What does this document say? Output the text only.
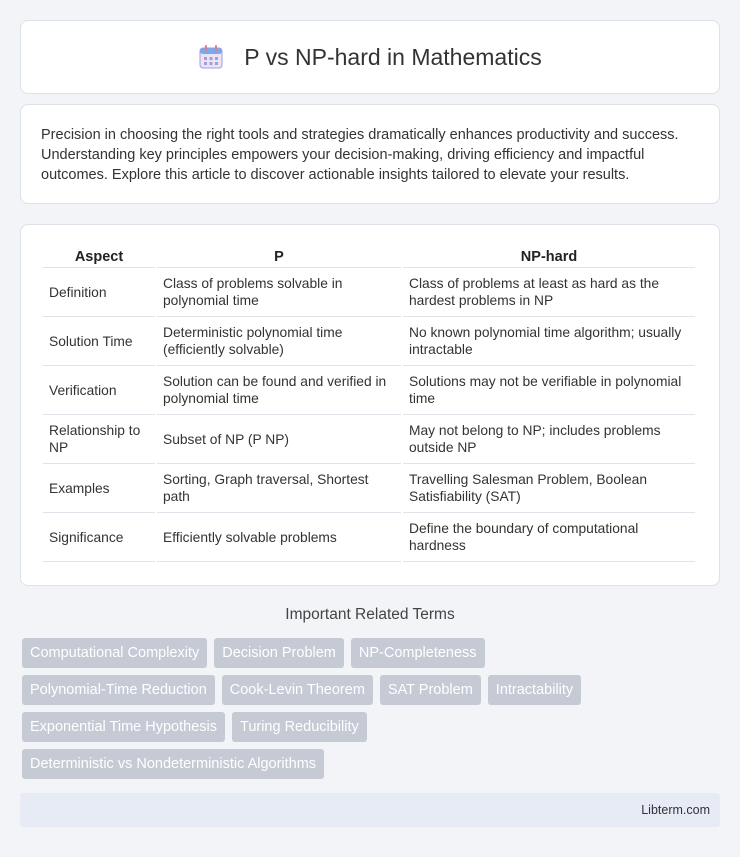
P vs NP-hard in Mathematics

Precision in choosing the right tools and strategies dramatically enhances productivity and success. Understanding key principles empowers your decision-making, driving efficiency and impactful outcomes. Explore this article to discover actionable insights tailored to elevate your results.

Aspect	P	NP-hard
Definition	Class of problems solvable in polynomial time	Class of problems at least as hard as the hardest problems in NP
Solution Time	Deterministic polynomial time (efficiently solvable)	No known polynomial time algorithm; usually intractable
Verification	Solution can be found and verified in polynomial time	Solutions may not be verifiable in polynomial time
Relationship to NP	Subset of NP (P NP)	May not belong to NP; includes problems outside NP
Examples	Sorting, Graph traversal, Shortest path	Travelling Salesman Problem, Boolean Satisfiability (SAT)
Significance	Efficiently solvable problems	Define the boundary of computational hardness
Important Related Terms
Computational Complexity	Decision Problem	NP-Completeness
Polynomial-Time Reduction	Cook-Levin Theorem	SAT Problem	Intractability
Exponential Time Hypothesis	Turing Reducibility
Deterministic vs Nondeterministic Algorithms
Libterm.com
